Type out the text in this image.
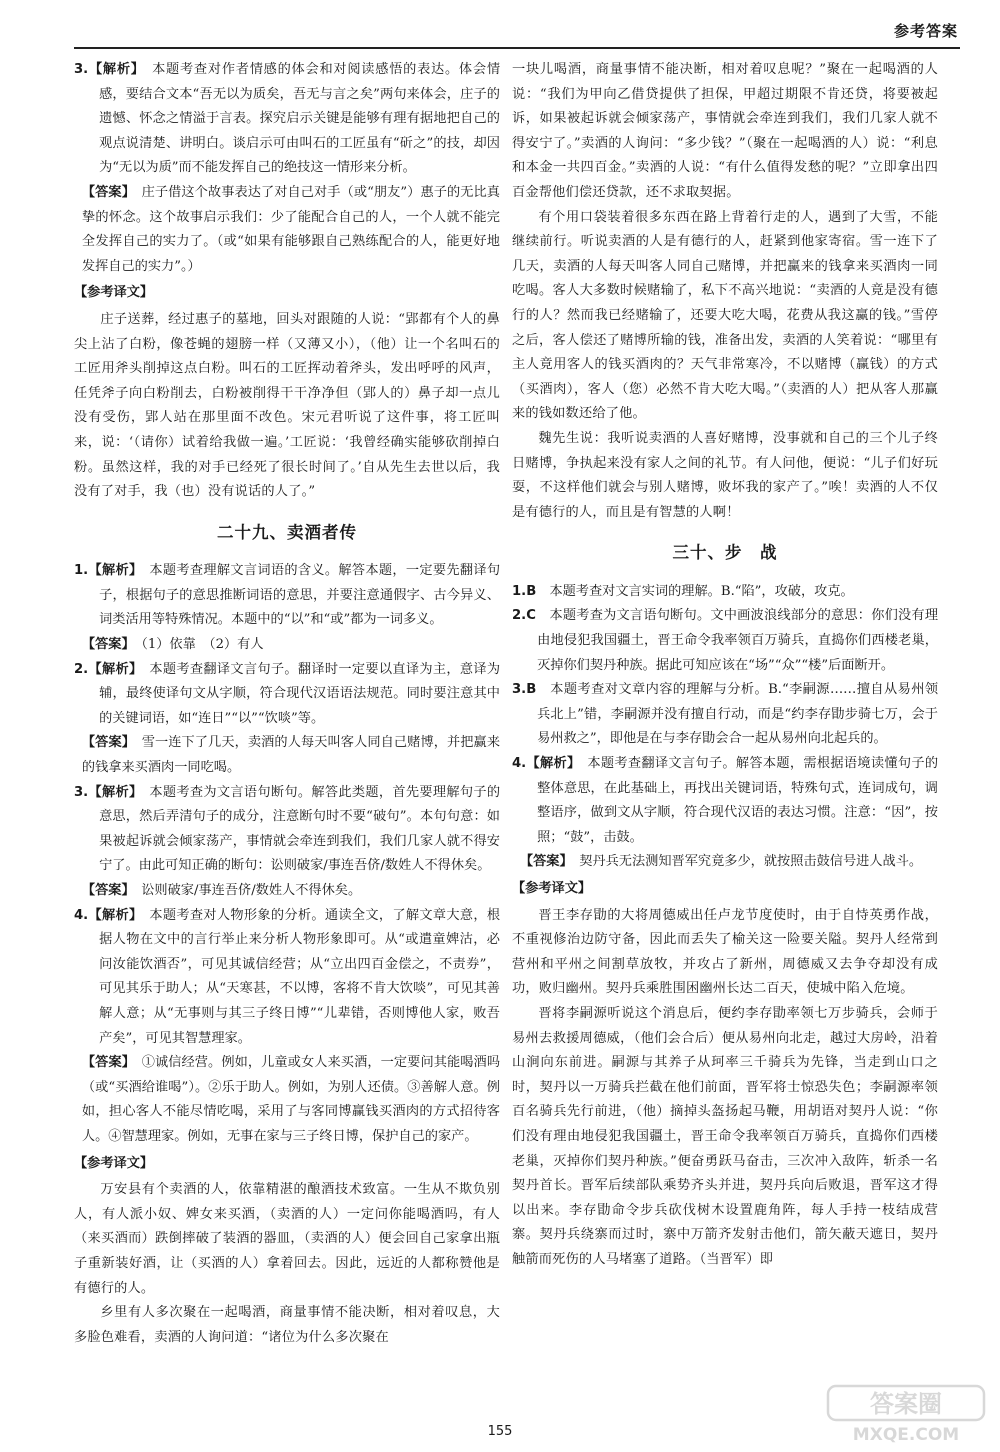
参考答案

3.【解析】　 本题考查对作者情感的体会和对阅读感悟的表达。体会情感，要结合文本“吾无以为质矣，吾无与言之矣”两句来体会，庄子的遗憾、怀念之情溢于言表。探究启示关键是能够有理有据地把自己的观点说清楚、讲明白。谈启示可由叫石的工匠虽有“斫之”的技，却因为“无以为质”而不能发挥自己的绝技这一情形来分析。

【答案】　 庄子借这个故事表达了对自己对手（或“朋友”）惠子的无比真挚的怀念。这个故事启示我们：少了能配合自己的人，一个人就不能完全发挥自己的实力了。（或“如果有能够跟自己熟练配合的人，能更好地发挥自己的实力”。）

【参考译文】

庄子送葬，经过惠子的墓地，回头对跟随的人说：“郢都有个人的鼻尖上沾了白粉，像苍蝇的翅膀一样（又薄又小），（他）让一个名叫石的工匠用斧头削掉这点白粉。叫石的工匠挥动着斧头，发出呼呼的风声，任凭斧子向白粉削去，白粉被削得干干净净但（郢人的）鼻子却一点儿没有受伤，郢人站在那里面不改色。宋元君听说了这件事，将工匠叫来，说：‘（请你）试着给我做一遍。’工匠说：‘我曾经确实能够砍削掉白粉。虽然这样，我的对手已经死了很长时间了。’自从先生去世以后，我没有了对手，我（也）没有说话的人了。”

二十九、卖酒者传

1.【解析】　 本题考查理解文言词语的含义。解答本题，一定要先翻译句子，根据句子的意思推断词语的意思，并要注意通假字、古今异义、词类活用等特殊情况。本题中的“以”和“或”都为一词多义。

【答案】　 （1）依靠　（2）有人

2.【解析】　 本题考查翻译文言句子。翻译时一定要以直译为主，意译为辅，最终使译句文从字顺，符合现代汉语语法规范。同时要注意其中的关键词语，如“连日”“以”“饮啖”等。

【答案】　 雪一连下了几天，卖酒的人每天叫客人同自己赌博，并把赢来的钱拿来买酒肉一同吃喝。

3.【解析】　 本题考查为文言语句断句。解答此类题，首先要理解句子的意思，然后弄清句子的成分，注意断句时不要“破句”。本句句意：如果被起诉就会倾家荡产，事情就会牵连到我们，我们几家人就不得安宁了。由此可知正确的断句：讼则破家/事连吾侪/数姓人不得休矣。

【答案】　 讼则破家/事连吾侪/数姓人不得休矣。

4.【解析】　 本题考查对人物形象的分析。通读全文，了解文章大意，根据人物在文中的言行举止来分析人物形象即可。从“或遣童婢沽，必问汝能饮酒否”，可见其诚信经营；从“立出四百金偿之，不责券”，可见其乐于助人；从“天寒甚，不以博，客将不肯大饮啖”，可见其善解人意；从“无事则与其三子终日博”“儿辈错，否则博他人家，败吾产矣”，可见其智慧理家。

【答案】　 ①诚信经营。例如，儿童或女人来买酒，一定要问其能喝酒吗（或“买酒给谁喝”）。②乐于助人。例如，为别人还债。③善解人意。例如，担心客人不能尽情吃喝，采用了与客同博赢钱买酒肉的方式招待客人。④智慧理家。例如，无事在家与三子终日博，保护自己的家产。

【参考译文】

万安县有个卖酒的人，依靠精湛的酿酒技术致富。一生从不欺负别人，有人派小奴、婢女来买酒，（卖酒的人）一定问你能喝酒吗，有人（来买酒而）跌倒摔破了装酒的器皿，（卖酒的人）便会回自己家拿出瓶子重新装好酒，让（买酒的人）拿着回去。因此，远近的人都称赞他是有德行的人。

乡里有人多次聚在一起喝酒，商量事情不能决断，相对着叹息，大多脸色难看，卖酒的人询问道：“诸位为什么多次聚在

一块儿喝酒，商量事情不能决断，相对着叹息呢？”聚在一起喝酒的人说：“我们为甲向乙借贷提供了担保，甲超过期限不肯还贷，将要被起诉，如果被起诉就会倾家荡产，事情就会牵连到我们，我们几家人就不得安宁了。”卖酒的人询问：“多少钱？”（聚在一起喝酒的人）说：“利息和本金一共四百金。”卖酒的人说：“有什么值得发愁的呢？”立即拿出四百金帮他们偿还贷款，还不求取契据。

有个用口袋装着很多东西在路上背着行走的人，遇到了大雪，不能继续前行。听说卖酒的人是有德行的人，赶紧到他家寄宿。雪一连下了几天，卖酒的人每天叫客人同自己赌博，并把赢来的钱拿来买酒肉一同吃喝。客人大多数时候赌输了，私下不高兴地说：“卖酒的人竟是没有德行的人？然而我已经赌输了，还要大吃大喝，花费从我这赢的钱。”雪停之后，客人偿还了赌博所输的钱，准备出发，卖酒的人笑着说：“哪里有主人竟用客人的钱买酒肉的？天气非常寒冷，不以赌博（赢钱）的方式（买酒肉），客人（您）必然不肯大吃大喝。”（卖酒的人）把从客人那赢来的钱如数还给了他。

魏先生说：我听说卖酒的人喜好赌博，没事就和自己的三个儿子终日赌博，争执起来没有家人之间的礼节。有人问他，便说：“儿子们好玩耍，不这样他们就会与别人赌博，败坏我的家产了。”唉！卖酒的人不仅是有德行的人，而且是有智慧的人啊！

三十、步　战

1.B　 本题考查对文言实词的理解。B.“陷”，攻破，攻克。

2.C　 本题考查为文言语句断句。文中画波浪线部分的意思：你们没有理由地侵犯我国疆土，晋王命令我率领百万骑兵，直捣你们西楼老巢，灭掉你们契丹种族。据此可知应该在“场”“众”“楼”后面断开。

3.B　 本题考查对文章内容的理解与分析。B.“李嗣源……擅自从易州领兵北上”错，李嗣源并没有擅自行动，而是“约李存勖步骑七万，会于易州救之”，即他是在与李存勖会合一起从易州向北起兵的。

4.【解析】　 本题考查翻译文言句子。解答本题，需根据语境读懂句子的整体意思，在此基础上，再找出关键词语，特殊句式，连词成句，调整语序，做到文从字顺，符合现代汉语的表达习惯。注意：“因”，按照；“鼓”，击鼓。

【答案】　 契丹兵无法测知晋军究竟多少，就按照击鼓信号进人战斗。

【参考译文】

晋王李存勖的大将周德威出任卢龙节度使时，由于自恃英勇作战，不重视修治边防守备，因此而丢失了榆关这一险要关隘。契丹人经常到营州和平州之间割草放牧，并攻占了新州，周德威又去争夺却没有成功，败归幽州。契丹兵乘胜围困幽州长达二百天，使城中陷入危境。

晋将李嗣源听说这个消息后，便约李存勖率领七万步骑兵，会师于易州去救援周德威，（他们会合后）便从易州向北走，越过大房岭，沿着山涧向东前进。嗣源与其养子从珂率三千骑兵为先锋，当走到山口之时，契丹以一万骑兵拦截在他们前面，晋军将士惊恐失色；李嗣源率领百名骑兵先行前进，（他）摘掉头盔扬起马鞭，用胡语对契丹人说：“你们没有理由地侵犯我国疆土，晋王命令我率领百万骑兵，直捣你们西楼老巢，灭掉你们契丹种族。”便奋勇跃马奋击，三次冲入敌阵，斩杀一名契丹首长。晋军后续部队乘势齐头并进，契丹兵向后败退，晋军这才得以出来。李存勖命令步兵砍伐树木设置鹿角阵，每人手持一枝结成营寨。契丹兵绕寨而过时，寨中万箭齐发射击他们，箭矢蔽天遮日，契丹触箭而死伤的人马堵塞了道路。（当晋军）即

155
答案圈
MXQE.COM
